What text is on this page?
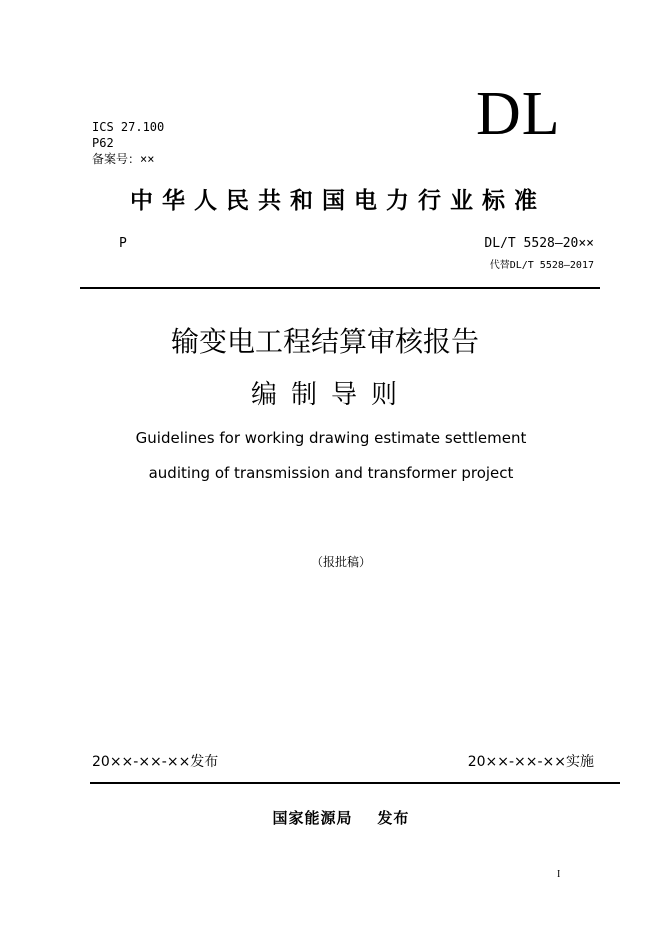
ICS 27.100
P62
备案号：××
DL
中华人民共和国电力行业标准
P	DL/T 5528—20××
代替DL/T 5528—2017
输变电工程结算审核报告
编制导则
Guidelines for working drawing estimate settlement
auditing of transmission and transformer project
（报批稿）
20××-××-××发布	20××-××-××实施
国家能源局    发布
I
